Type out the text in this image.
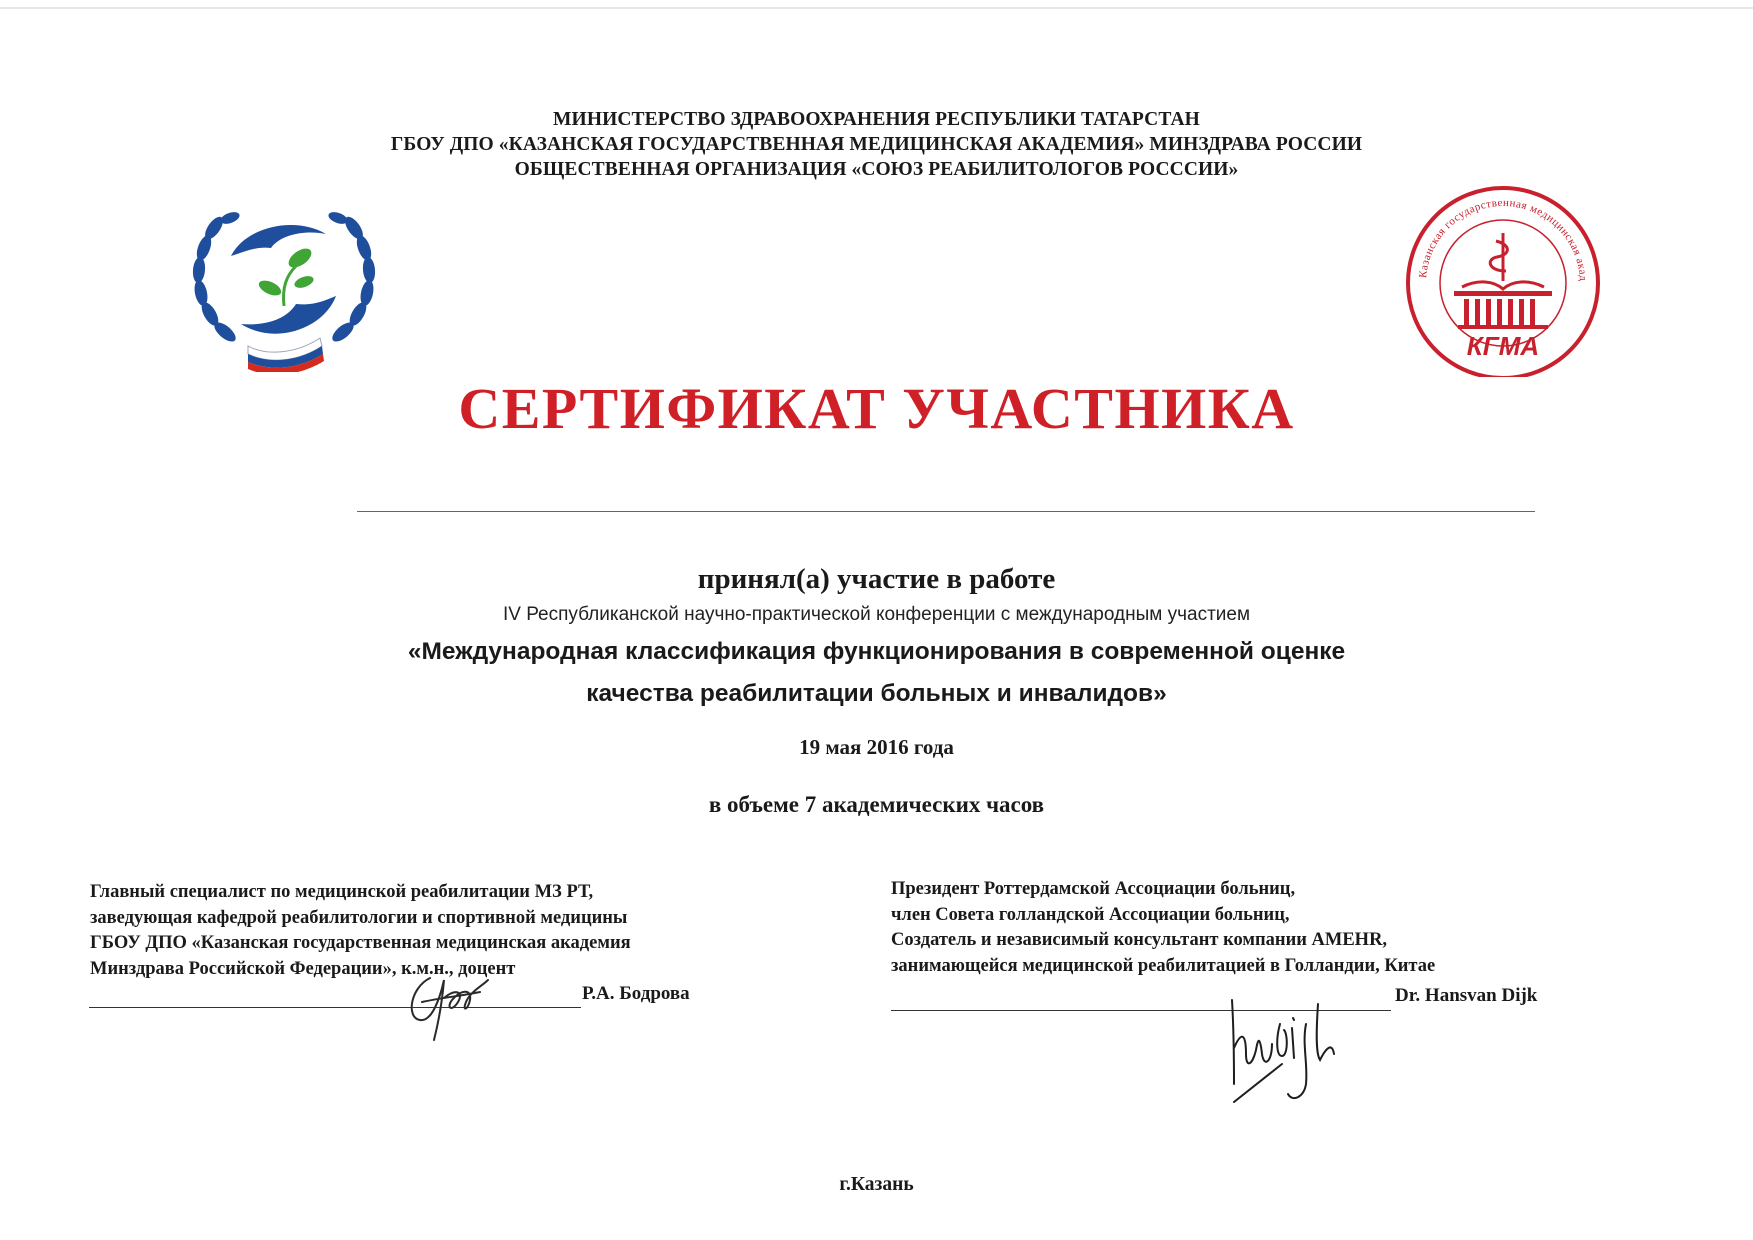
МИНИСТЕРСТВО ЗДРАВООХРАНЕНИЯ РЕСПУБЛИКИ ТАТАРСТАН
ГБОУ ДПО «КАЗАНСКАЯ ГОСУДАРСТВЕННАЯ МЕДИЦИНСКАЯ АКАДЕМИЯ» МИНЗДРАВА РОССИИ
ОБЩЕСТВЕННАЯ ОРГАНИЗАЦИЯ «СОЮЗ РЕАБИЛИТОЛОГОВ РОСССИИ»
Казанская государственная медицинская акад
КГМА
СЕРТИФИКАТ УЧАСТНИКА
принял(а) участие в работе
IV Республиканской научно-практической конференции с международным участием
«Международная классификация функционирования в современной оценке
качества реабилитации больных и инвалидов»
19 мая 2016 года
в объеме 7 академических часов
Главный специалист по медицинской реабилитации МЗ РТ,
заведующая кафедрой реабилитологии и спортивной медицины
ГБОУ ДПО «Казанская государственная медицинская академия
Минздрава Российской Федерации», к.м.н., доцент
Р.А. Бодрова
Президент Роттердамской Ассоциации больниц,
член Совета голландской Ассоциации больниц,
Создатель и независимый консультант компании AMEHR,
занимающейся медицинской реабилитацией в Голландии, Китае
Dr. Hansvan Dijk
г.Казань
